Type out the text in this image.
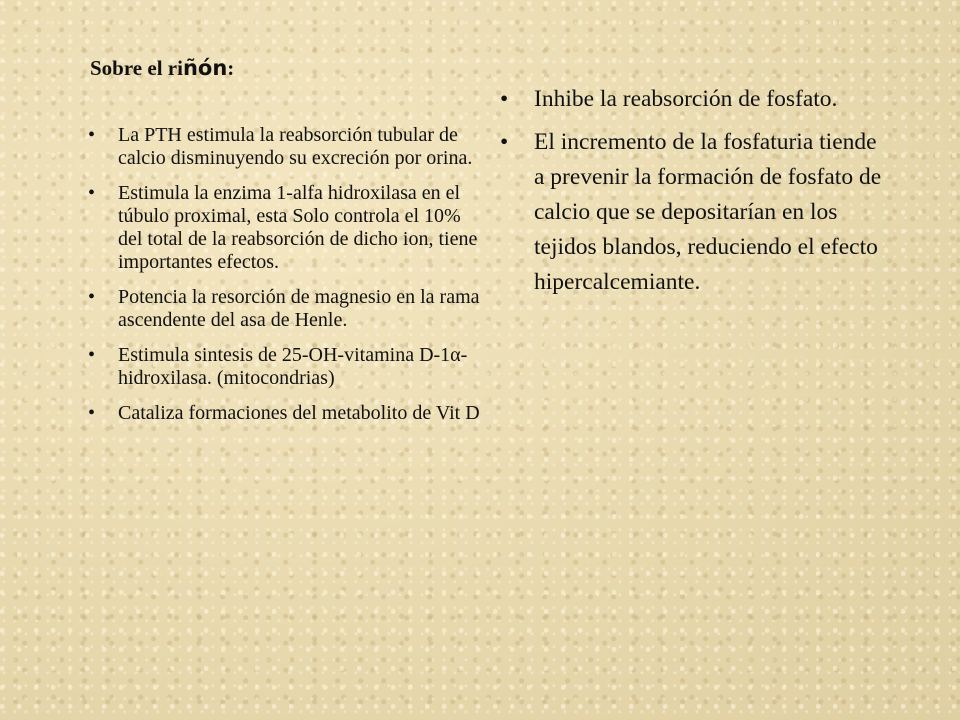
Sobre el riñón:
• La PTH estimula la reabsorción tubular de calcio disminuyendo su excreción por orina.
• Estimula la enzima 1-alfa hidroxilasa en el túbulo proximal, esta Solo controla el 10% del total de la reabsorción de dicho ion, tiene importantes efectos.
• Potencia la resorción de magnesio en la rama ascendente del asa de Henle.
• Estimula sintesis de 25-OH-vitamina D-1α-hidroxilasa. (mitocondrias)
• Cataliza formaciones del metabolito de Vit D
• Inhibe la reabsorción de fosfato.
• El incremento de la fosfaturia tiende a prevenir la formación de fosfato de calcio que se depositarían en los tejidos blandos, reduciendo el efecto hipercalcemiante.
